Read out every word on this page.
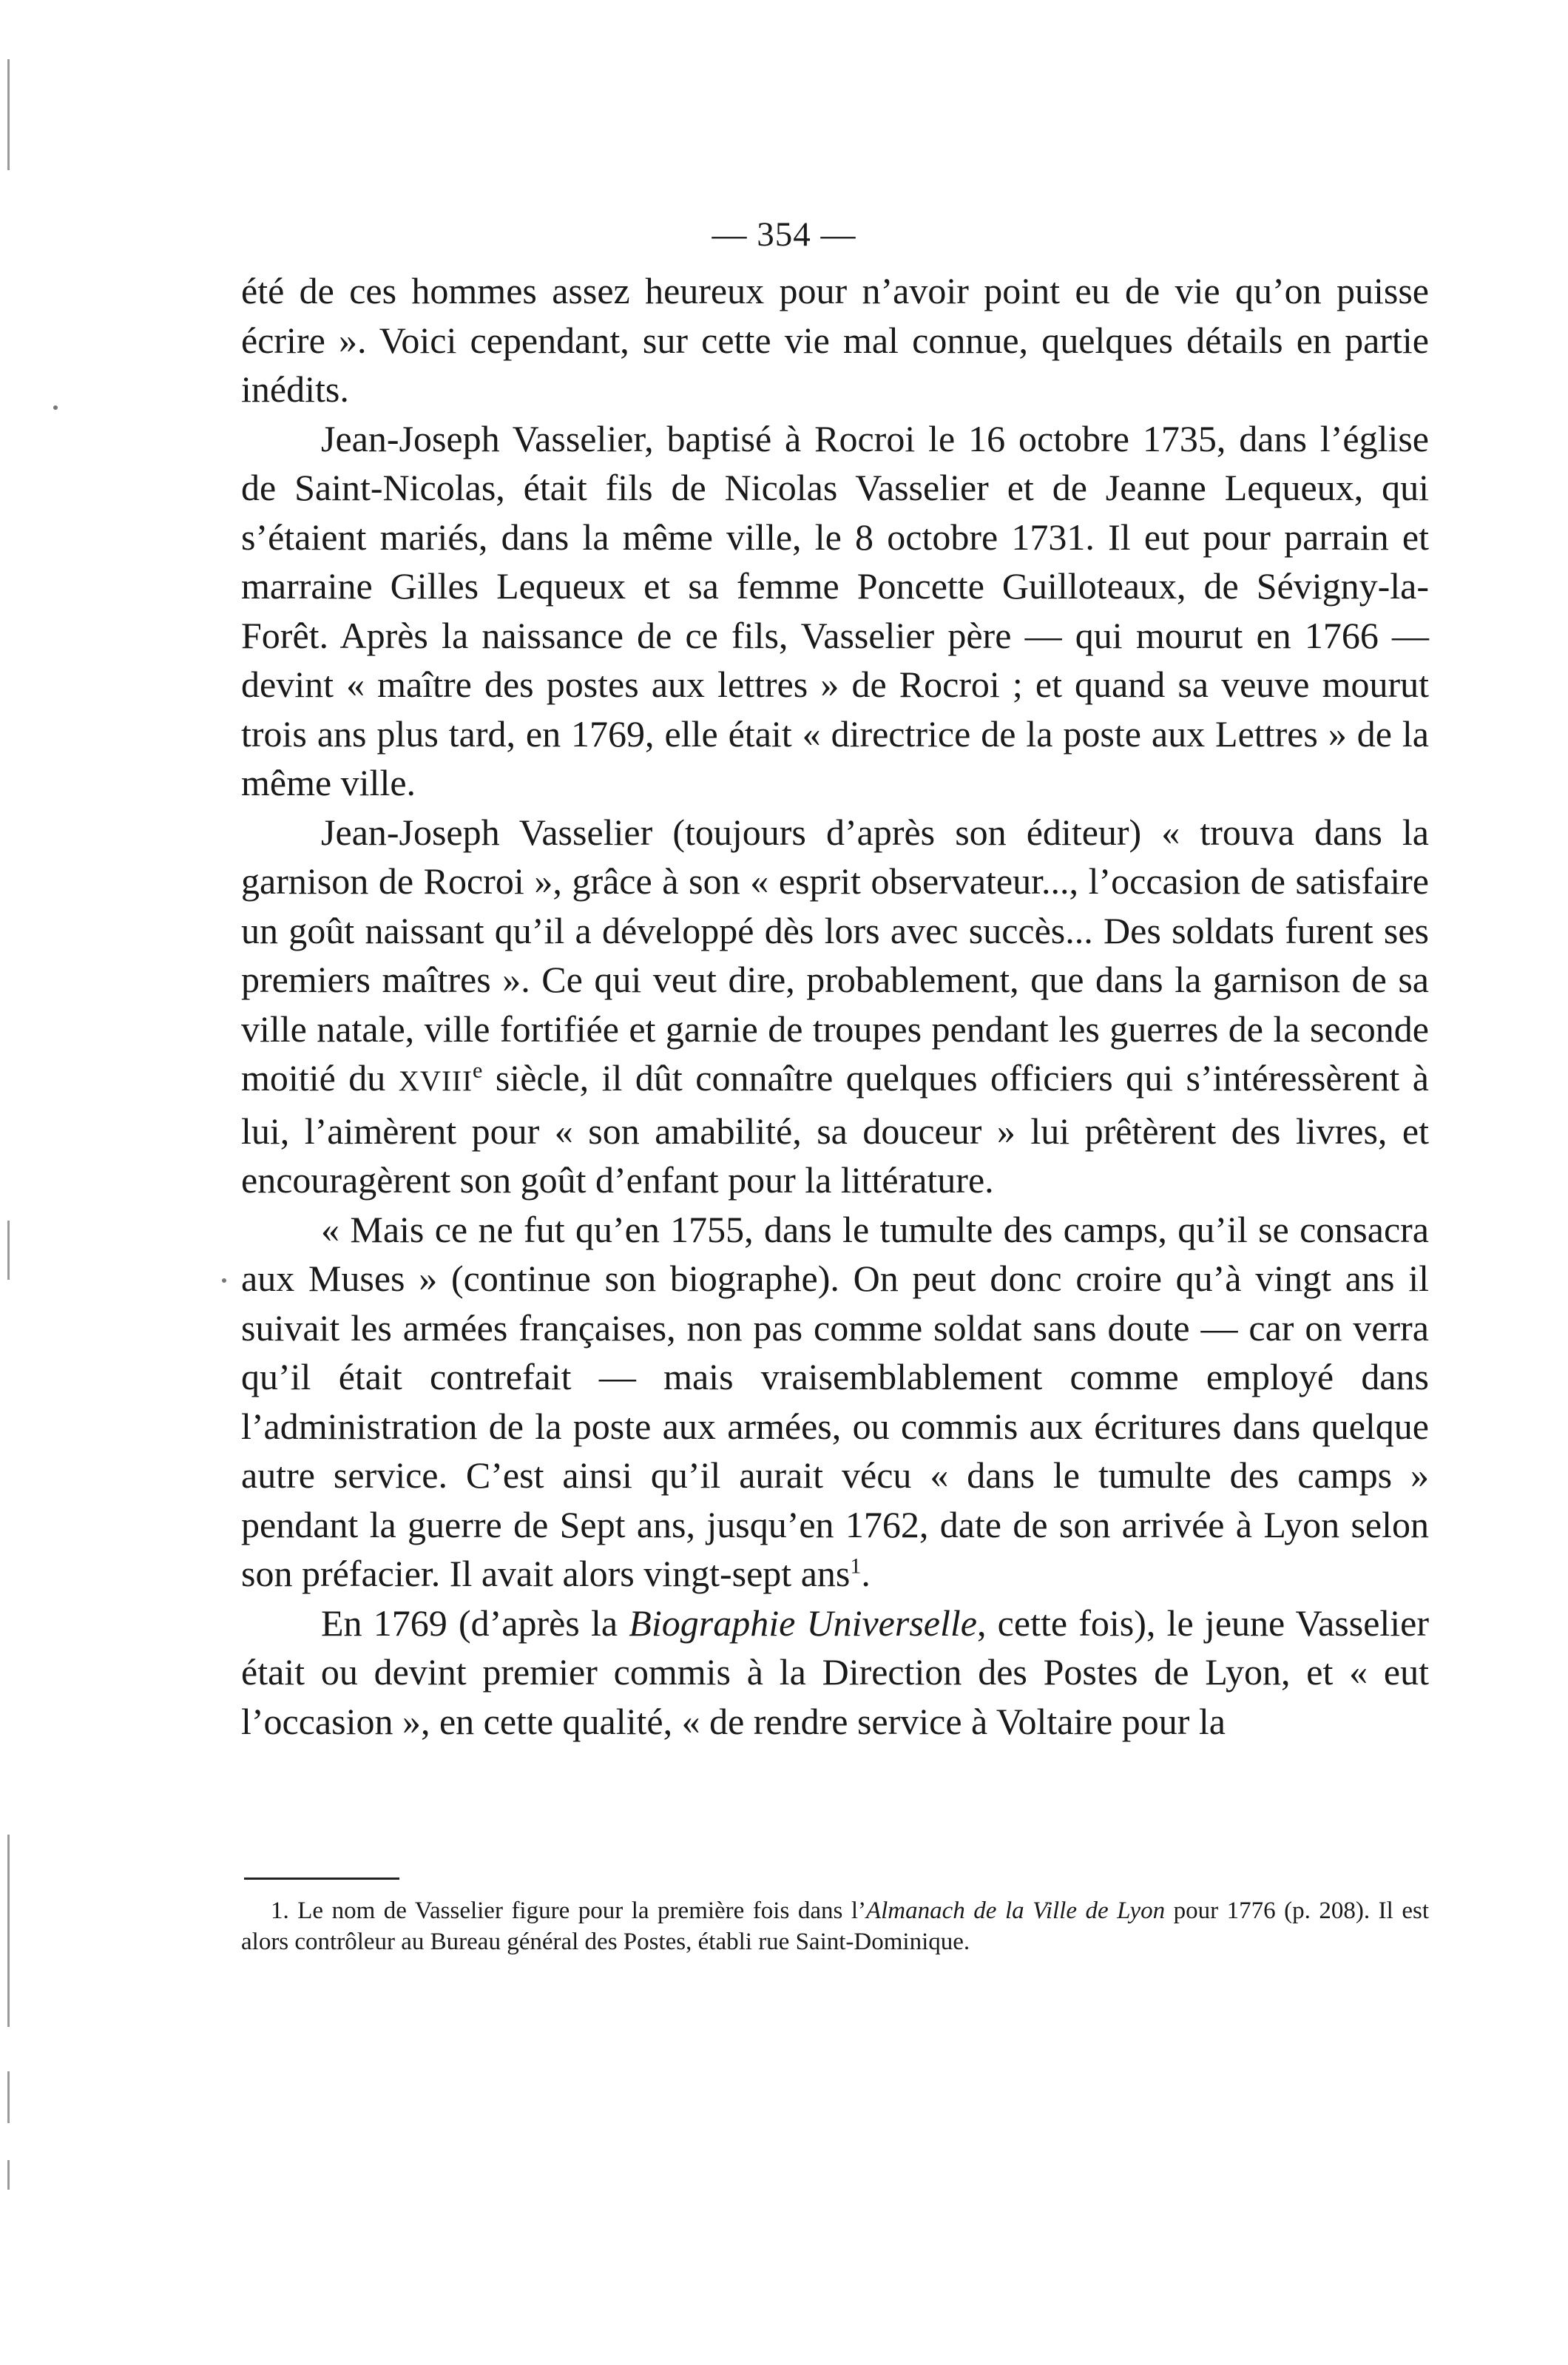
— 354 —

été de ces hommes assez heureux pour n’avoir point eu de vie qu’on puisse écrire ». Voici cependant, sur cette vie mal connue, quelques détails en partie inédits.

Jean-Joseph Vasselier, baptisé à Rocroi le 16 octobre 1735, dans l’église de Saint-Nicolas, était fils de Nicolas Vasselier et de Jeanne Lequeux, qui s’étaient mariés, dans la même ville, le 8 octobre 1731. Il eut pour parrain et marraine Gilles Lequeux et sa femme Poncette Guilloteaux, de Sévigny-la-Forêt. Après la naissance de ce fils, Vasselier père — qui mourut en 1766 — devint « maître des postes aux lettres » de Rocroi ; et quand sa veuve mourut trois ans plus tard, en 1769, elle était « directrice de la poste aux Lettres » de la même ville.

Jean-Joseph Vasselier (toujours d’après son éditeur) « trouva dans la garnison de Rocroi », grâce à son « esprit observateur..., l’occasion de satisfaire un goût naissant qu’il a développé dès lors avec succès... Des soldats furent ses premiers maîtres ». Ce qui veut dire, probablement, que dans la garnison de sa ville natale, ville fortifiée et garnie de troupes pendant les guerres de la seconde moitié du XVIIIe siècle, il dût connaître quelques officiers qui s’intéressèrent à lui, l’aimèrent pour « son amabilité, sa douceur » lui prêtèrent des livres, et encouragèrent son goût d’enfant pour la littérature.

« Mais ce ne fut qu’en 1755, dans le tumulte des camps, qu’il se consacra aux Muses » (continue son biographe). On peut donc croire qu’à vingt ans il suivait les armées françaises, non pas comme soldat sans doute — car on verra qu’il était contrefait — mais vraisemblablement comme employé dans l’administration de la poste aux armées, ou commis aux écritures dans quelque autre service. C’est ainsi qu’il aurait vécu « dans le tumulte des camps » pendant la guerre de Sept ans, jusqu’en 1762, date de son arrivée à Lyon selon son préfacier. Il avait alors vingt-sept ans$^1$.

En 1769 (d’après la Biographie Universelle, cette fois), le jeune Vasselier était ou devint premier commis à la Direction des Postes de Lyon, et « eut l’occasion », en cette qualité, « de rendre service à Voltaire pour la

1. Le nom de Vasselier figure pour la première fois dans l’Almanach de la Ville de Lyon pour 1776 (p. 208). Il est alors contrôleur au Bureau général des Postes, établi rue Saint-Dominique.
